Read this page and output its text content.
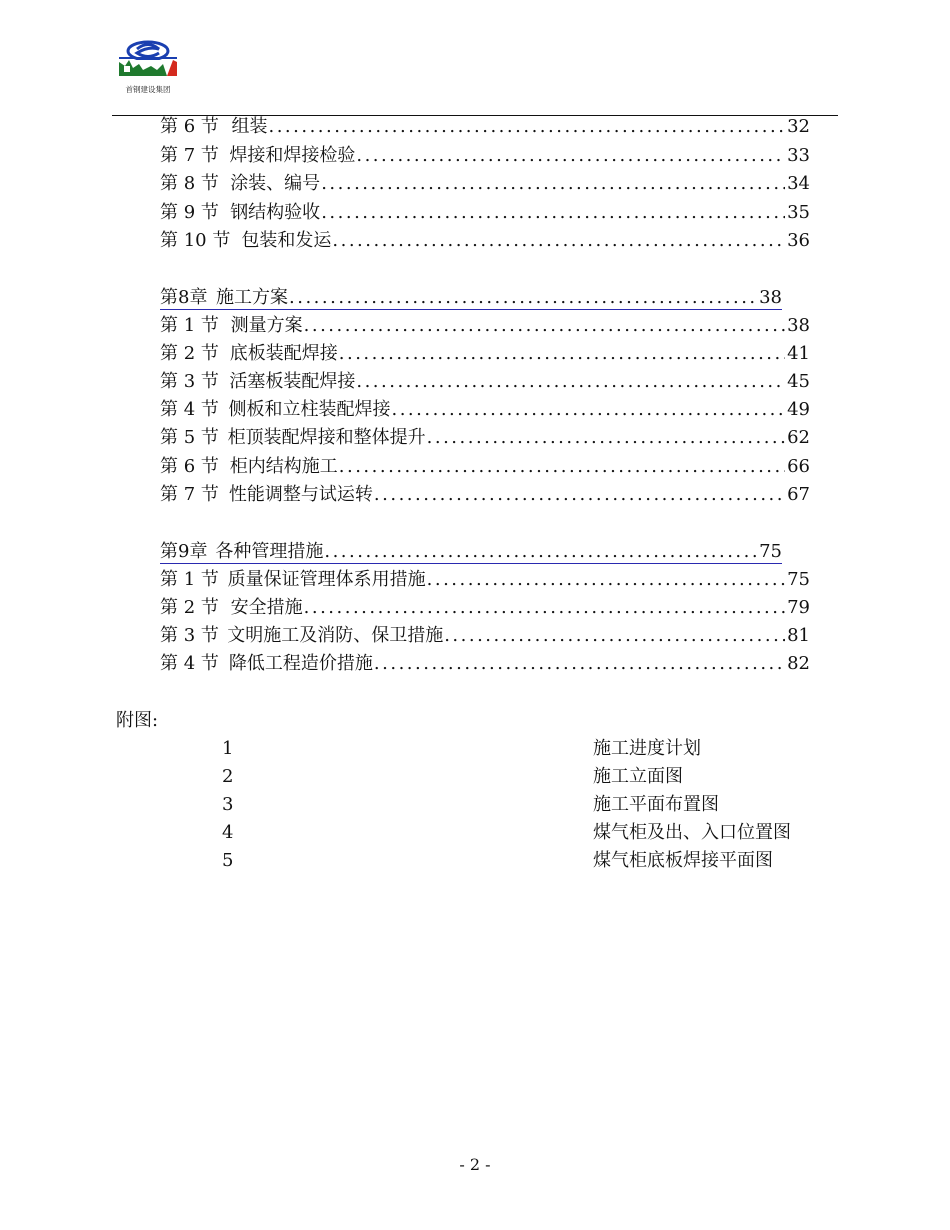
首钢建设集团
第 6 节 组装 .....	32
第 7 节 焊接和焊接检验 .....	33
第 8 节 涂装、编号 .....	34
第 9 节 钢结构验收 .....	35
第 10 节 包装和发运 .....	36
第8章 施工方案 .....	38
第 1 节 测量方案 .....	38
第 2 节 底板装配焊接 .....	41
第 3 节 活塞板装配焊接 .....	45
第 4 节 侧板和立柱装配焊接 .....	49
第 5 节 柜顶装配焊接和整体提升 .....	62
第 6 节 柜内结构施工 .....	66
第 7 节 性能调整与试运转 .....	67
第9章 各种管理措施 .....	75
第 1 节 质量保证管理体系用措施 .....	75
第 2 节 安全措施 .....	79
第 3 节 文明施工及消防、保卫措施 .....	81
第 4 节 降低工程造价措施 .....	82
附图:
1	施工进度计划
2	施工立面图
3	施工平面布置图
4	煤气柜及出、入口位置图
5	煤气柜底板焊接平面图
- 2 -
